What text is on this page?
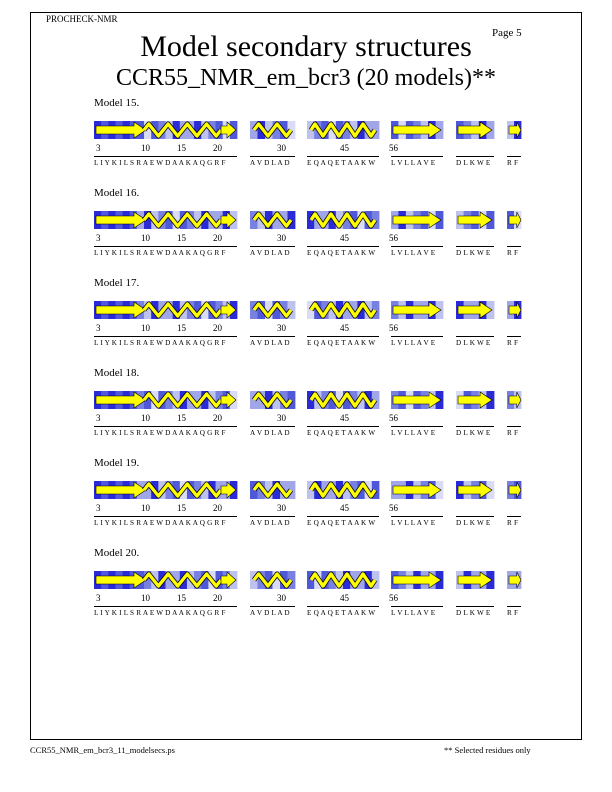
PROCHECK-NMR
Page 5
Model secondary structures
CCR55_NMR_em_bcr3 (20 models)**
Model 15.
3	10	15	20	30	45	56
L I Y K I L S R A E W D A A K A Q G R F	A V D L A D E Q A Q E T A A K W L V L L A V E	D L K W E R F
Model 16.
3	10	15	20	30	45	56
L I Y K I L S R A E W D A A K A Q G R F	A V D L A D E Q A Q E T A A K W L V L L A V E	D L K W E R F
Model 17.
3	10	15	20	30	45	56
L I Y K I L S R A E W D A A K A Q G R F	A V D L A D E Q A Q E T A A K W L V L L A V E	D L K W E R F
Model 18.
3	10	15	20	30	45	56
L I Y K I L S R A E W D A A K A Q G R F	A V D L A D E Q A Q E T A A K W L V L L A V E	D L K W E R F
Model 19.
3	10	15	20	30	45	56
L I Y K I L S R A E W D A A K A Q G R F	A V D L A D E Q A Q E T A A K W L V L L A V E	D L K W E R F
Model 20.
3	10	15	20	30	45	56
L I Y K I L S R A E W D A A K A Q G R F	A V D L A D E Q A Q E T A A K W L V L L A V E	D L K W E R F
CCR55_NMR_em_bcr3_11_modelsecs.ps	** Selected residues only
